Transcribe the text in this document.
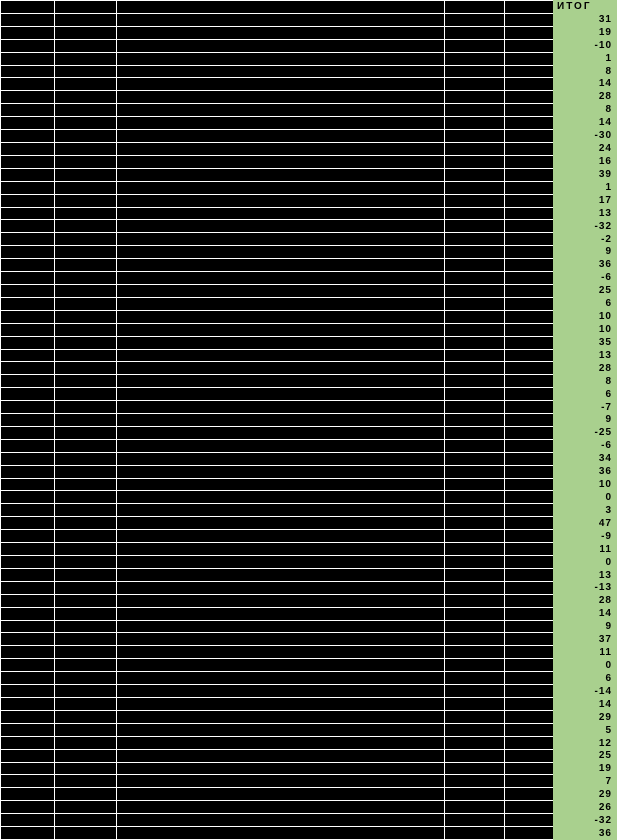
ИТОГ
31
19
-10
1
8
14
28
8
14
-30
24
16
39
1
17
13
-32
-2
9
36
-6
25
6
10
10
35
13
28
8
6
-7
9
-25
-6
34
36
10
0
3
47
-9
11
0
13
-13
28
14
9
37
11
0
6
-14
14
29
5
12
25
19
7
29
26
-32
36
